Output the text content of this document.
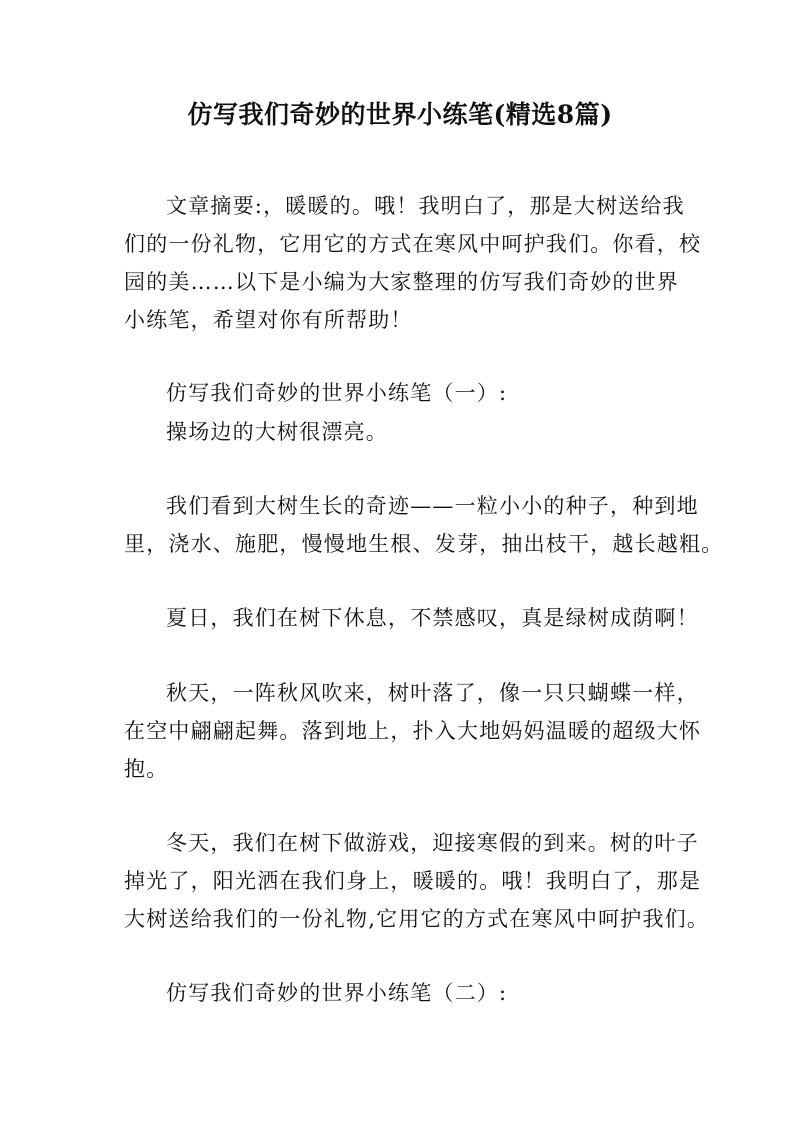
仿写我们奇妙的世界小练笔(精选8篇)
文章摘要:，暖暖的。哦！我明白了，那是大树送给我
们的一份礼物，它用它的方式在寒风中呵护我们。你看，校
园的美……以下是小编为大家整理的仿写我们奇妙的世界
小练笔，希望对你有所帮助！
仿写我们奇妙的世界小练笔（一）:
操场边的大树很漂亮。
我们看到大树生长的奇迹——一粒小小的种子，种到地
里，浇水、施肥，慢慢地生根、发芽，抽出枝干，越长越粗。
夏日，我们在树下休息，不禁感叹，真是绿树成荫啊！
秋天，一阵秋风吹来，树叶落了，像一只只蝴蝶一样，
在空中翩翩起舞。落到地上，扑入大地妈妈温暖的超级大怀
抱。
冬天，我们在树下做游戏，迎接寒假的到来。树的叶子
掉光了，阳光洒在我们身上，暖暖的。哦！我明白了，那是
大树送给我们的一份礼物,它用它的方式在寒风中呵护我们。
仿写我们奇妙的世界小练笔（二）:
